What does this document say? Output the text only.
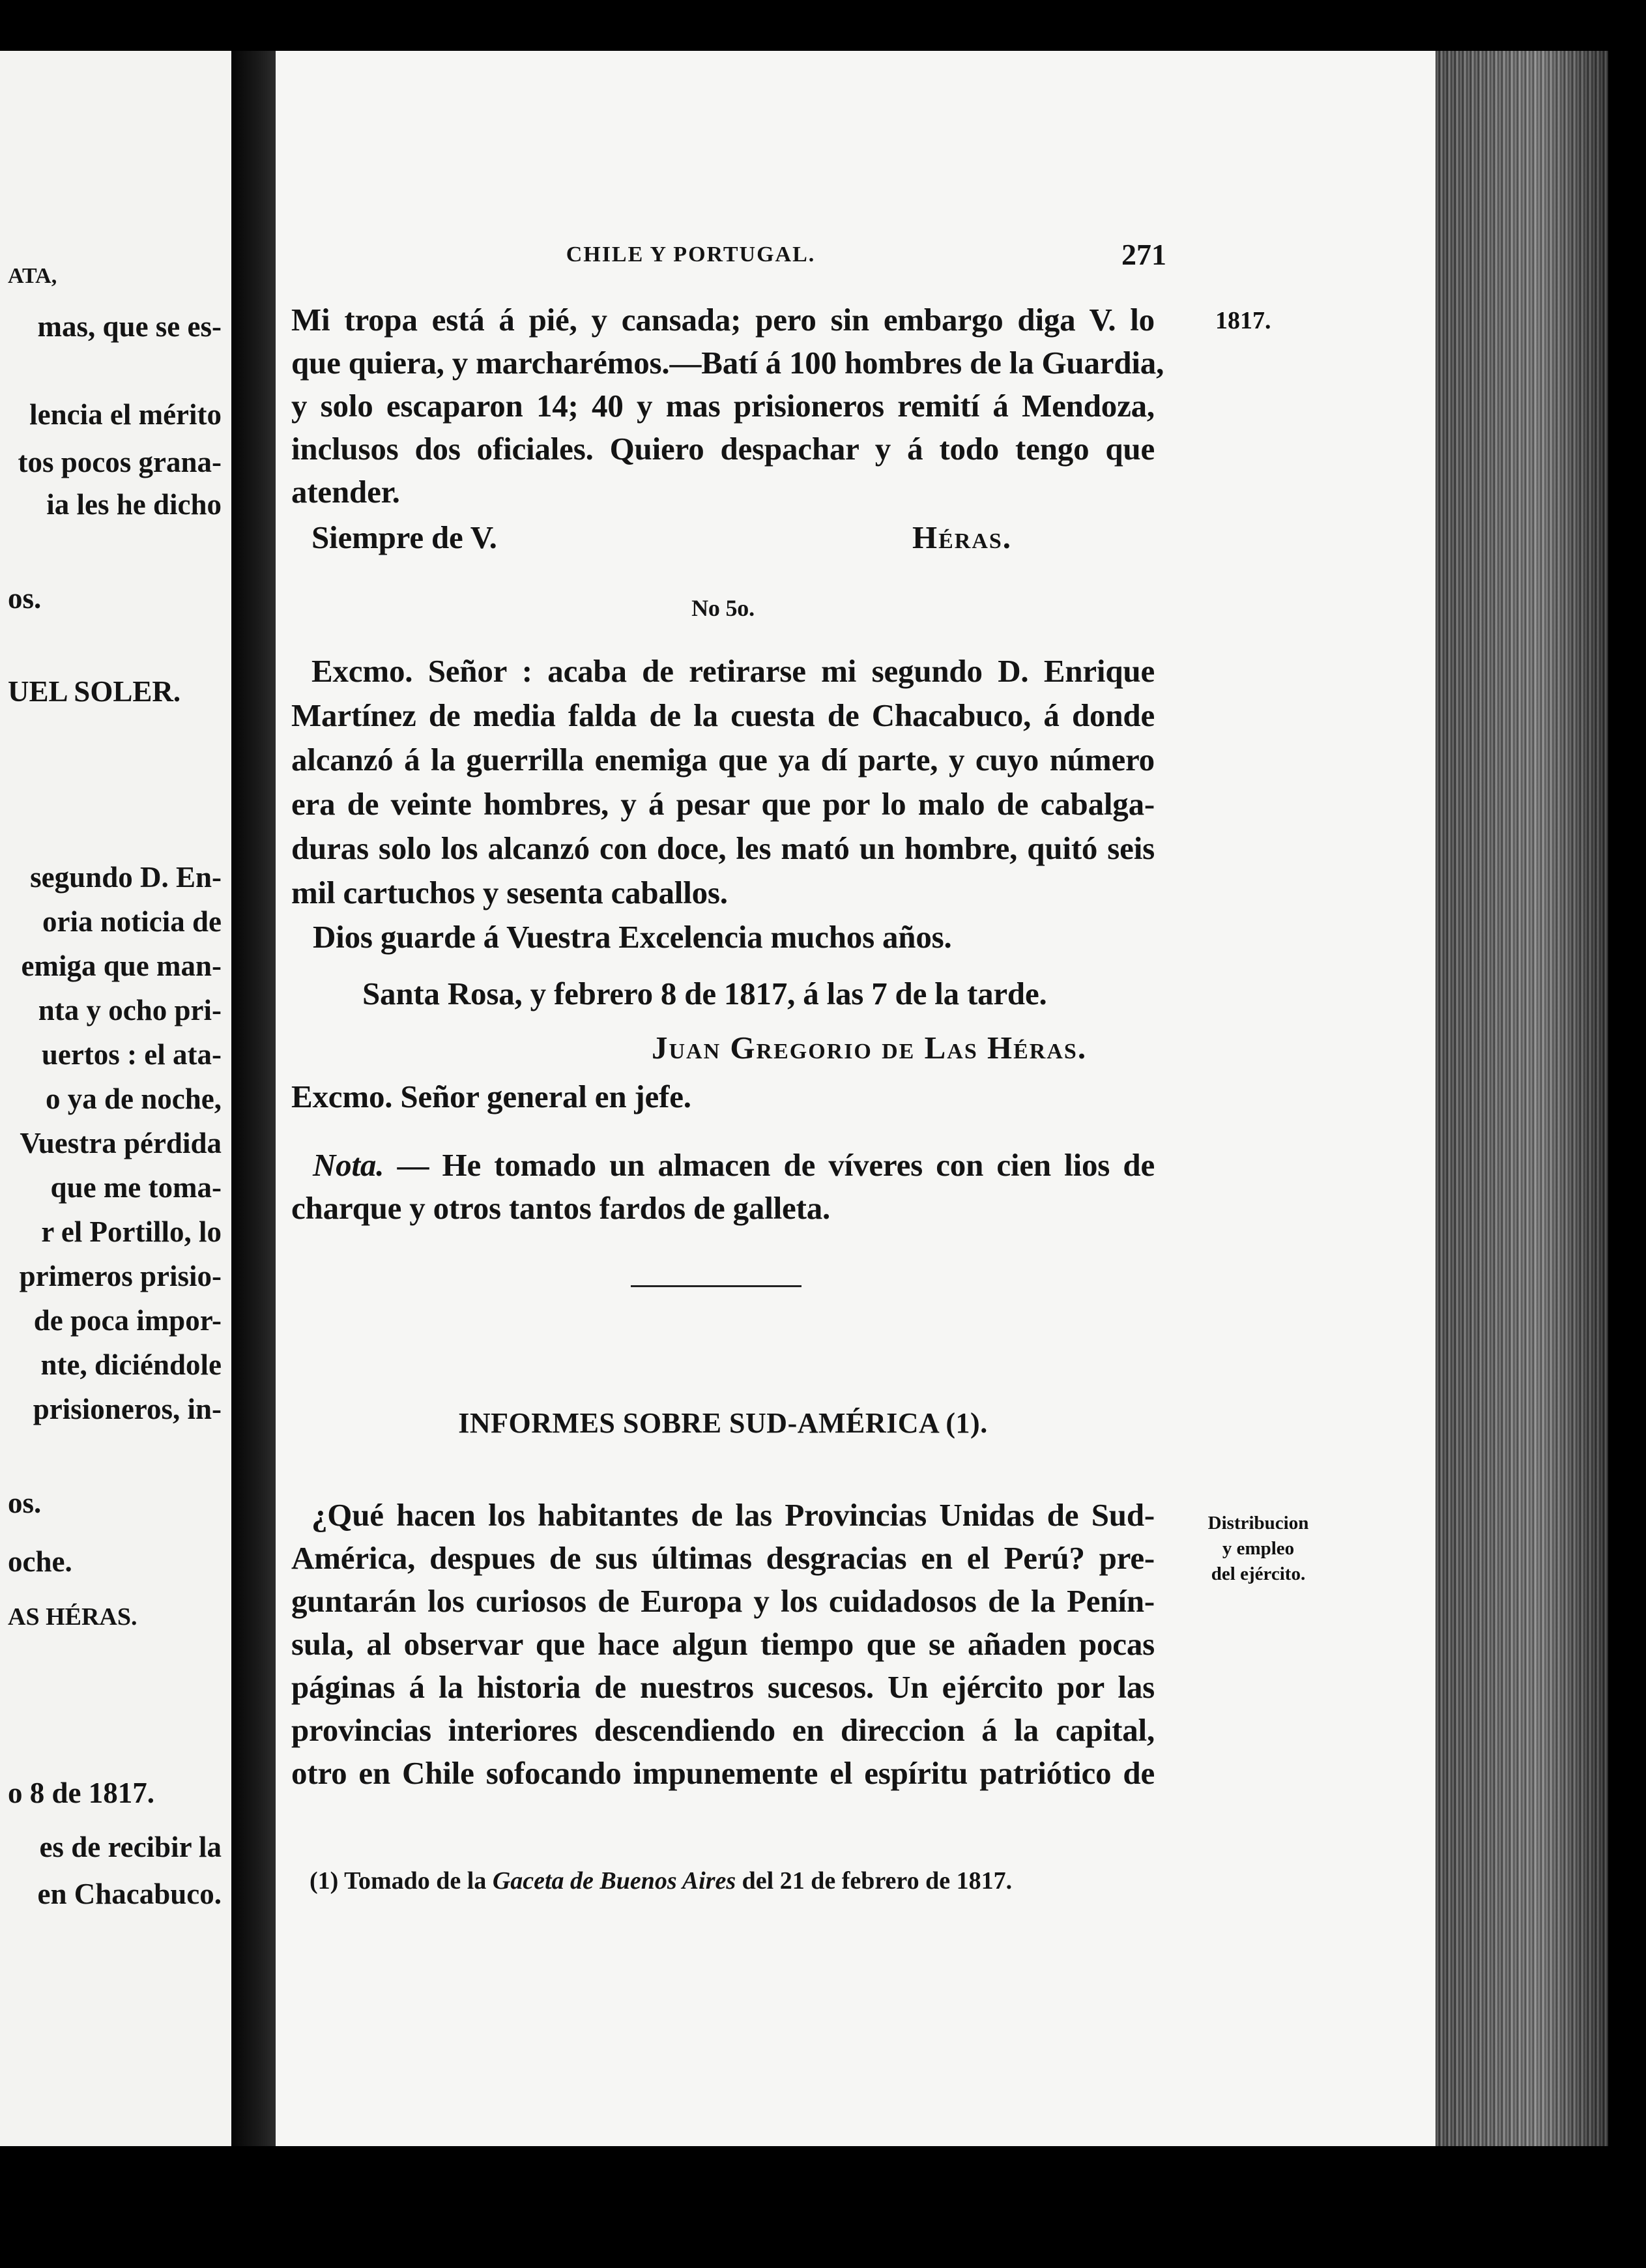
ATA,
mas, que se es-
lencia el mérito
tos pocos grana-
ia les he dicho
os.
UEL SOLER.
segundo D. En-
oria noticia de
emiga que man-
nta y ocho pri-
uertos : el ata-
o ya de noche,
Vuestra pérdida
que me toma-
r el Portillo, lo
primeros prisio-
de poca impor-
nte, diciéndole
prisioneros, in-
os.
oche.
AS HÉRAS.
o 8 de 1817.
es de recibir la
en Chacabuco.
CHILE Y PORTUGAL.	271
1817.
Mi tropa está á pié, y cansada; pero sin embargo diga V. lo
que quiera, y marcharémos.—Batí á 100 hombres de la Guardia,
y solo escaparon 14; 40 y mas prisioneros remití á Mendoza,
inclusos dos oficiales. Quiero despachar y á todo tengo que
atender.
Siempre de V.	Héras.
No 5o.
Excmo. Señor : acaba de retirarse mi segundo D. Enrique
Martínez de media falda de la cuesta de Chacabuco, á donde
alcanzó á la guerrilla enemiga que ya dí parte, y cuyo número
era de veinte hombres, y á pesar que por lo malo de cabalga-
duras solo los alcanzó con doce, les mató un hombre, quitó seis
mil cartuchos y sesenta caballos.
Dios guarde á Vuestra Excelencia muchos años.
Santa Rosa, y febrero 8 de 1817, á las 7 de la tarde.
Juan Gregorio de Las Héras.
Excmo. Señor general en jefe.
Nota. — He tomado un almacen de víveres con cien lios de
charque y otros tantos fardos de galleta.
INFORMES SOBRE SUD-AMÉRICA (1).
¿Qué hacen los habitantes de las Provincias Unidas de Sud-
América, despues de sus últimas desgracias en el Perú? pre-
guntarán los curiosos de Europa y los cuidadosos de la Penín-
sula, al observar que hace algun tiempo que se añaden pocas
páginas á la historia de nuestros sucesos. Un ejército por las
provincias interiores descendiendo en direccion á la capital,
otro en Chile sofocando impunemente el espíritu patriótico de
Distribucion
y empleo
del ejército.
(1) Tomado de la Gaceta de Buenos Aires del 21 de febrero de 1817.
